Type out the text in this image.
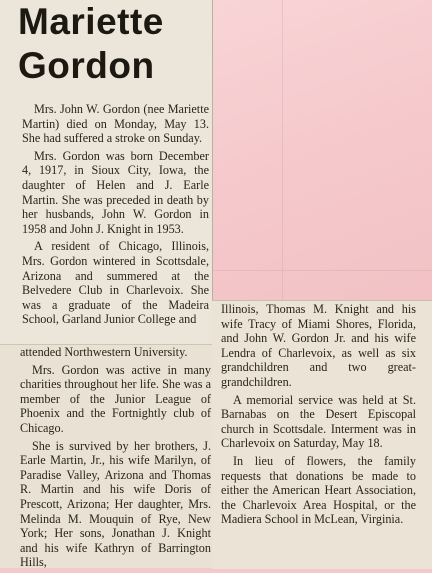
Mariette
Gordon

Mrs. John W. Gordon (nee Mariette Martin) died on Monday, May 13. She had suffered a stroke on Sunday.

Mrs. Gordon was born December 4, 1917, in Sioux City, Iowa, the daughter of Helen and J. Earle Martin. She was preceded in death by her husbands, John W. Gordon in 1958 and John J. Knight in 1953.

A resident of Chicago, Illinois, Mrs. Gordon wintered in Scottsdale, Arizona and summered at the Belvedere Club in Charlevoix. She was a graduate of the Madeira School, Garland Junior College and

attended Northwestern University.

Mrs. Gordon was active in many charities throughout her life. She was a member of the Junior League of Phoenix and the Fortnightly club of Chicago.

She is survived by her brothers, J. Earle Martin, Jr., his wife Marilyn, of Paradise Valley, Arizona and Thomas R. Martin and his wife Doris of Prescott, Arizona; Her daughter, Mrs. Melinda M. Mouquin of Rye, New York; Her sons, Jonathan J. Knight and his wife Kathryn of Barrington Hills,

Illinois, Thomas M. Knight and his wife Tracy of Miami Shores, Florida, and John W. Gordon Jr. and his wife Lendra of Charlevoix, as well as six grandchildren and two great-grandchildren.

A memorial service was held at St. Barnabas on the Desert Episcopal church in Scottsdale. Interment was in Charlevoix on Saturday, May 18.

In lieu of flowers, the family requests that donations be made to either the American Heart Association, the Charlevoix Area Hospital, or the Madiera School in McLean, Virginia.
